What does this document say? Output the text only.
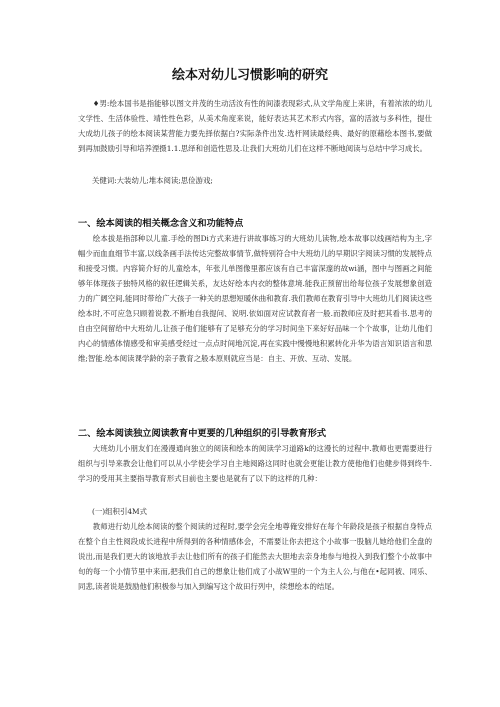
绘本对幼儿习惯影响的研究
♦男:绘本国书是指能够以图文并茂的生动活汝有性的间漆表现彩式,从文学角度上来讲，有着浓浓的幼儿文学性、生活体验性、靖性性色彩，从美术角度来说，能好表达其艺术形式内容，富的活波与多科性，提仕大成幼儿孩子的绘本阅读某营能力要先择依据白?实际条件出发.选杆网读最经典、最好的原藉绘本图书,要做到再加鼓励引导和培养湮摄1.1.思绎和创造性思及.让我们大班幼儿们在这样不断地阅读与总结中学习成长。
关健词:大装幼儿;堆本阅读;思俭游戏;
一、绘本阅读的相关概念含义和功能特点
绘本拔是指部种以儿童.手绘的图Di方式来进行讲故事练习的大班幼儿读物,绘本故事以线画结构为主,字幅少而血血细节丰富,以线条画手法传达完整故事情节,做特别符合中大班幼儿的早期识字阅读习惯的发展特点和接受习惯。内容简介好的儿童绘本，年张儿单图像里都应该有自己丰富深邃的故wi涵，图中与图画之间能够年体现孩子独特风格的叙任逻辑关系，友达好绘本内衣的整体意境.能我正预留出给每位孩子发展想象创造力的广阔空间,能同时带给广大孩子一种关的思想短暖休曲和教育.我们教师在教育引导中大班幼儿们阅读这些绘本时,不可应急只顾着说教.不断地自我提问、说明.依如面对应试教育者一般.而教师应及时把其看书.思考的自由空间留给中大班幼儿,让孩子他们能够有了足够充分的学习时间坐下来好好品味一个个故事，让幼儿他们内心的情感体情感受和审美感受经过一点点时间地沉淀,再在实践中慢慢地积累转化升华为语言知识语言和思维;智能.绘本阅读课学龄的亲子教育之般本原则就应当是：自主、开放、互动、发展。
二、绘本阅读独立阅读教育中更要的几种组织的引导教育形式
大班幼儿小朋友们在漫漫通向独立的阅读和绘本的阅读学习道路k的这漫长的过程中.教师也更需要进行组织与引导来教会让他们可以从小学使会学习自主地阅路这同时也就会更能让教方使他他们也健步得到终牛.学习的受用其主要指导教育形式目前也主要也是就有了以下的这样的几种：
(一)组积引4M式
教师进行幼儿绘本阅读的整个阅读的过程时,要学会完全地尊俺安排好在每个年龄段是孩子根据自身特点在整个自主性阅段成长进程中所得到的各种情感体会，不需要让你去把这个小故事一股脑儿她给他们全盘的说出,而是我们更大的该地放手去让他们所有的孩子们能然去大胆地去亲身地参与地投入到我们整个小故事中旬的每一个小情节里中来而,把我们自己的想象让他们成了小战W里的一个为主人公,与他在•起同被、同乐、同悲,读者说是鼓励他们积极参与加入到编写这个故田行列中，续想绘本的结尾。
